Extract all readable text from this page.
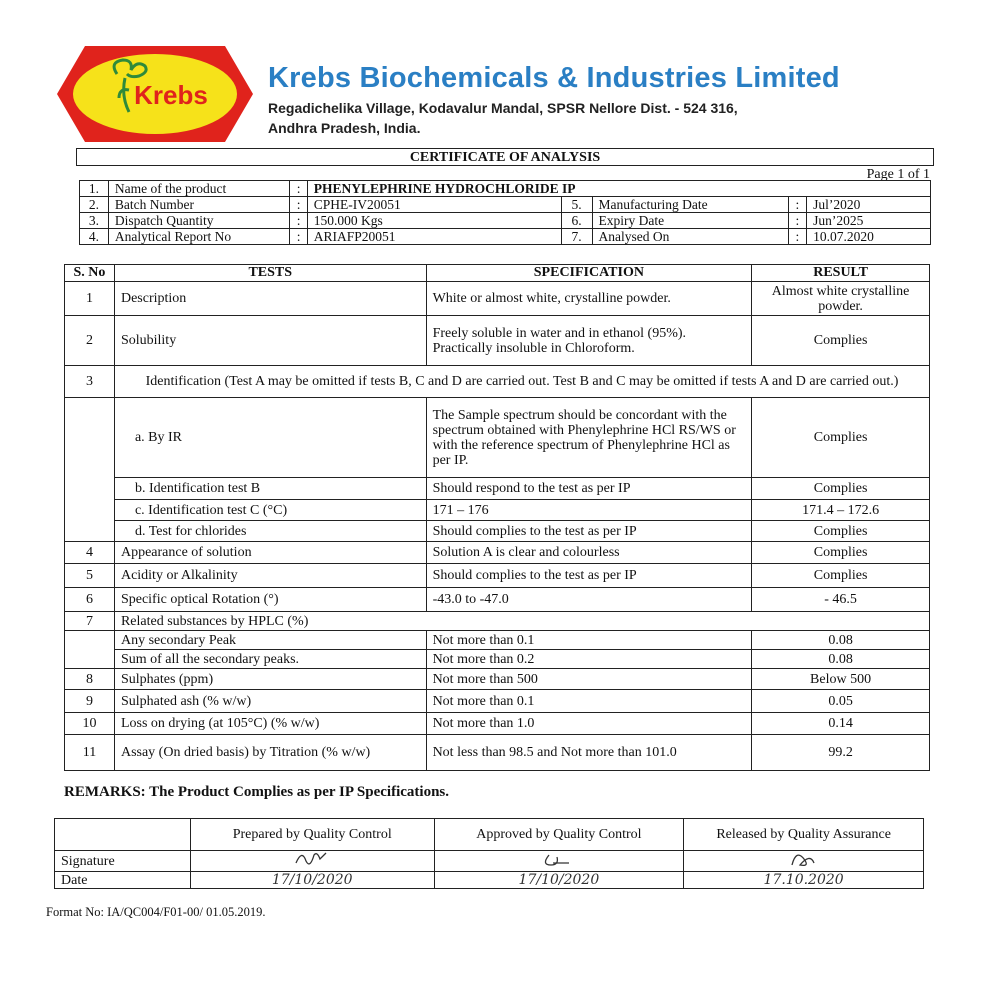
Krebs
Krebs Biochemicals & Industries Limited
Regadichelika Village, Kodavalur Mandal, SPSR Nellore Dist. - 524 316,
Andhra Pradesh, India.
CERTIFICATE OF ANALYSIS
Page 1 of 1
1.	Name of the product	:	PHENYLEPHRINE HYDROCHLORIDE IP				
2.	Batch Number	:	CPHE-IV20051	5.	Manufacturing Date	:	Jul’2020
3.	Dispatch Quantity	:	150.000 Kgs	6.	Expiry Date	:	Jun’2025
4.	Analytical Report No	:	ARIAFP20051	7.	Analysed On	:	10.07.2020
S. No	TESTS	SPECIFICATION	RESULT
1	Description	White or almost white, crystalline powder.	Almost white crystalline powder.
2	Solubility	Freely soluble in water and in ethanol (95%). Practically insoluble in Chloroform.	Complies
3	Identification (Test A may be omitted if tests B, C and D are carried out. Test B and C may be omitted if tests A and D are carried out.)		
	a. By IR	The Sample spectrum should be concordant with the spectrum obtained with Phenylephrine HCl RS/WS or with the reference spectrum of Phenylephrine HCl as per IP.	Complies
	b. Identification test B	Should respond to the test as per IP	Complies
	c. Identification test C (°C)	171 – 176	171.4 – 172.6
	d. Test for chlorides	Should complies to the test as per IP	Complies
4	Appearance of solution	Solution A is clear and colourless	Complies
5	Acidity or Alkalinity	Should complies to the test as per IP	Complies
6	Specific optical Rotation (°)	-43.0 to -47.0	- 46.5
7	Related substances by HPLC (%)		
	Any secondary Peak	Not more than 0.1	0.08
	Sum of all the secondary peaks.	Not more than 0.2	0.08
8	Sulphates (ppm)	Not more than 500	Below 500
9	Sulphated ash (% w/w)	Not more than 0.1	0.05
10	Loss on drying (at 105°C) (% w/w)	Not more than 1.0	0.14
11	Assay (On dried basis) by Titration (% w/w)	Not less than 98.5 and Not more than 101.0	99.2
REMARKS: The Product Complies as per IP Specifications.
	Prepared by Quality Control	Approved by Quality Control	Released by Quality Assurance
Signature			
Date	17/10/2020	17/10/2020	17.10.2020
Format No: IA/QC004/F01-00/ 01.05.2019.
